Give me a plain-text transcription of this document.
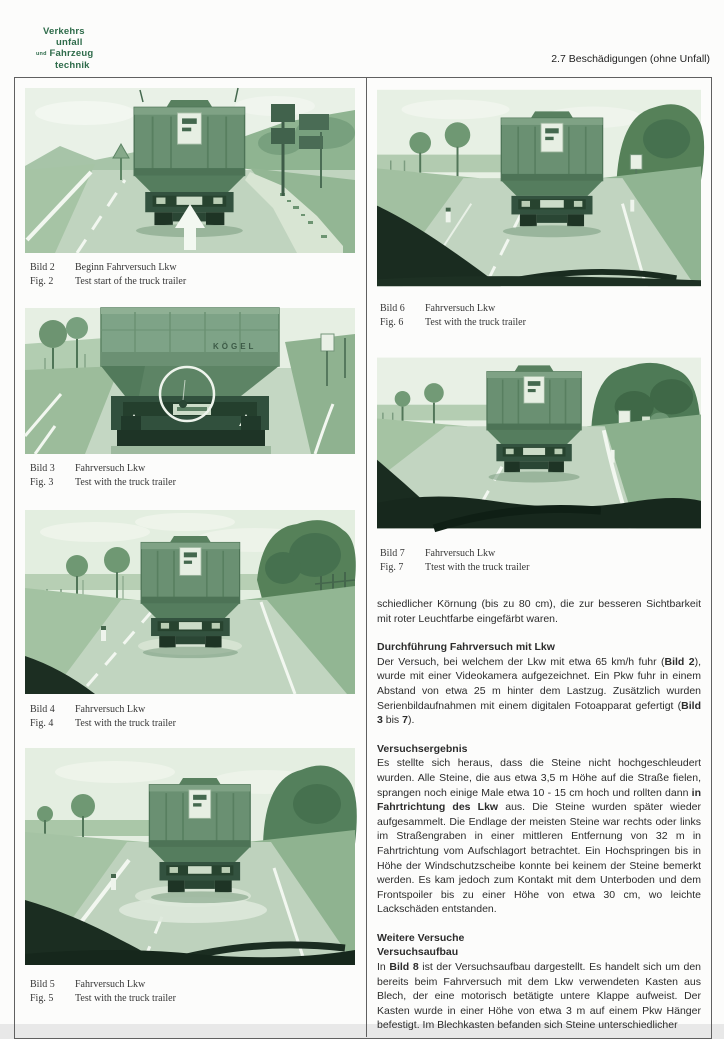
Verkehrs
unfall
und Fahrzeug
technik
2.7 Beschädigungen (ohne Unfall)
Bild 2	Beginn Fahrversuch Lkw
Fig. 2	Test start of the truck trailer
KÖGEL
Bild 3	Fahrversuch Lkw
Fig. 3	Test with the truck trailer
Bild 4	Fahrversuch Lkw
Fig. 4	Test with the truck trailer
Bild 5	Fahrversuch Lkw
Fig. 5	Test with the truck trailer
Bild 6	Fahrversuch Lkw
Fig. 6	Test with the truck trailer
Bild 7	Fahrversuch Lkw
Fig. 7	Ttest with the truck trailer
schiedlicher Körnung (bis zu 80 cm), die zur besseren Sichtbarkeit mit roter Leuchtfarbe eingefärbt waren.
Durchführung Fahrversuch mit Lkw
Der Versuch, bei welchem der Lkw mit etwa 65 km/h fuhr (Bild 2), wurde mit einer Videokamera aufgezeichnet. Ein Pkw fuhr in einem Abstand von etwa 25 m hinter dem Lastzug. Zusätzlich wurden Serienbildaufnahmen mit einem digitalen Fotoapparat gefertigt (Bild 3 bis 7).
Versuchsergebnis
Es stellte sich heraus, dass die Steine nicht hochgeschleudert wurden. Alle Steine, die aus etwa 3,5 m Höhe auf die Straße fielen, sprangen noch einige Male etwa 10 - 15 cm hoch und rollten dann in Fahrtrichtung des Lkw aus. Die Steine wurden später wieder aufgesammelt. Die Endlage der meisten Steine war rechts oder links im Straßengraben in einer mittleren Entfernung von 32 m in Fahrtrichtung vom Aufschlagort betrachtet. Ein Hochspringen bis in Höhe der Windschutzscheibe konnte bei keinem der Steine bemerkt werden. Es kam jedoch zum Kontakt mit dem Unterboden und dem Frontspoiler bis zu einer Höhe von etwa 30 cm, wo leichte Lackschäden entstanden.
Weitere Versuche
Versuchsaufbau
In Bild 8 ist der Versuchsaufbau dargestellt. Es handelt sich um den bereits beim Fahrversuch mit dem Lkw verwendeten Kasten aus Blech, der eine motorisch betätigte untere Klappe aufweist. Der Kasten wurde in einer Höhe von etwa 3 m auf einem Pkw Hänger befestigt. Im Blechkasten befanden sich Steine unterschiedlicher
